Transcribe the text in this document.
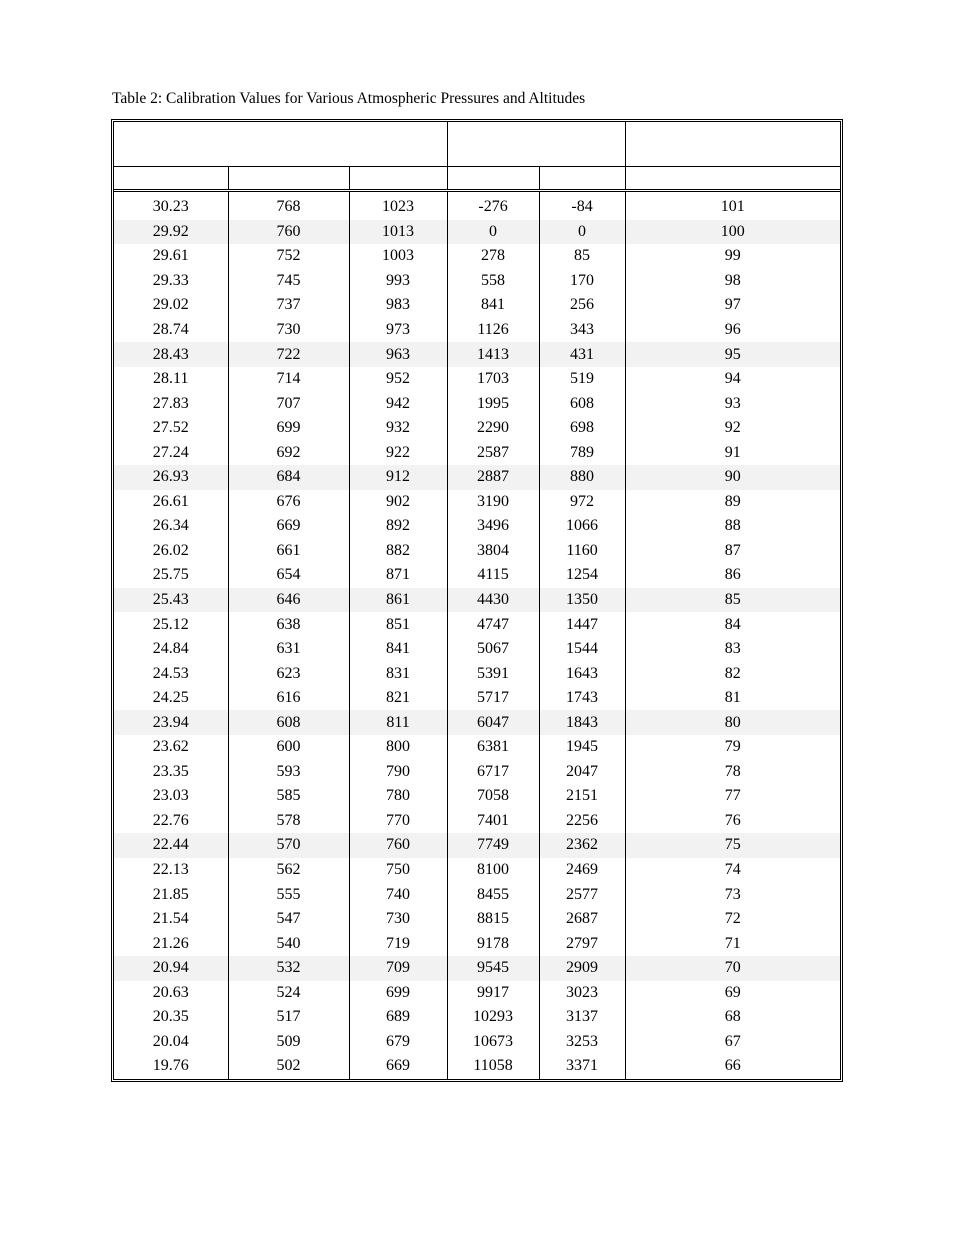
Table 2: Calibration Values for Various Atmospheric Pressures and Altitudes

30.23	768	1023	-276	-84	101
29.92	760	1013	0	0	100
29.61	752	1003	278	85	99
29.33	745	993	558	170	98
29.02	737	983	841	256	97
28.74	730	973	1126	343	96
28.43	722	963	1413	431	95
28.11	714	952	1703	519	94
27.83	707	942	1995	608	93
27.52	699	932	2290	698	92
27.24	692	922	2587	789	91
26.93	684	912	2887	880	90
26.61	676	902	3190	972	89
26.34	669	892	3496	1066	88
26.02	661	882	3804	1160	87
25.75	654	871	4115	1254	86
25.43	646	861	4430	1350	85
25.12	638	851	4747	1447	84
24.84	631	841	5067	1544	83
24.53	623	831	5391	1643	82
24.25	616	821	5717	1743	81
23.94	608	811	6047	1843	80
23.62	600	800	6381	1945	79
23.35	593	790	6717	2047	78
23.03	585	780	7058	2151	77
22.76	578	770	7401	2256	76
22.44	570	760	7749	2362	75
22.13	562	750	8100	2469	74
21.85	555	740	8455	2577	73
21.54	547	730	8815	2687	72
21.26	540	719	9178	2797	71
20.94	532	709	9545	2909	70
20.63	524	699	9917	3023	69
20.35	517	689	10293	3137	68
20.04	509	679	10673	3253	67
19.76	502	669	11058	3371	66
